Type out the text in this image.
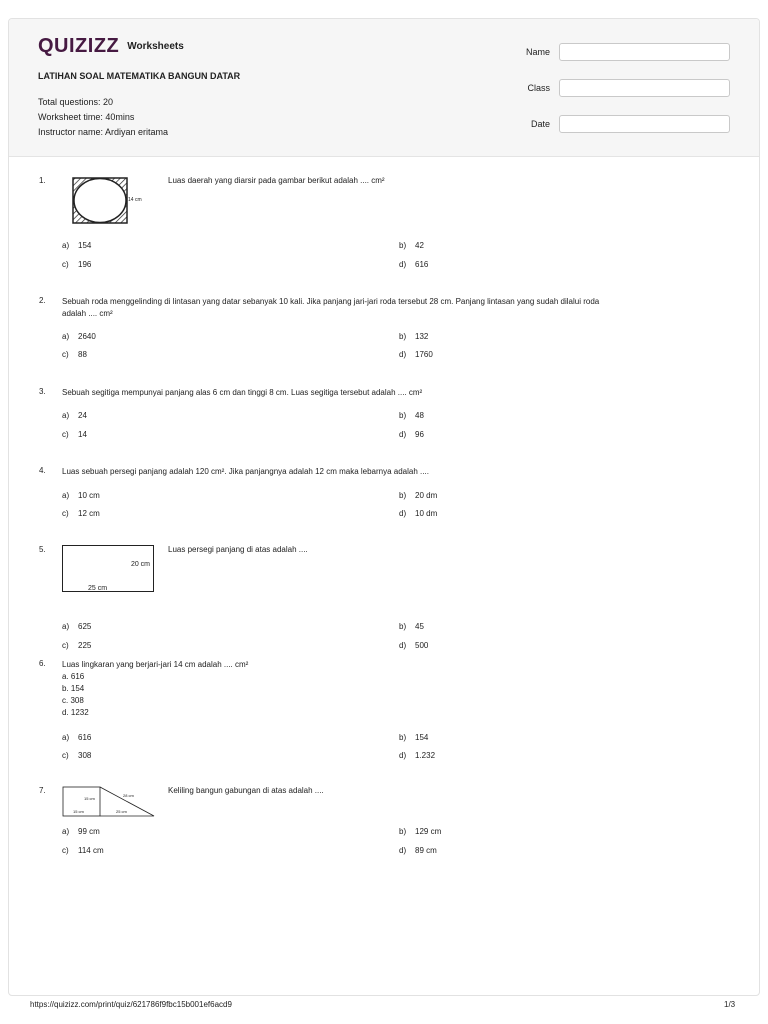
QUIZIZZ Worksheets
LATIHAN SOAL MATEMATIKA BANGUN DATAR
Total questions: 20
Worksheet time: 40mins
Instructor name: Ardiyan eritama
Name
Class
Date
1.
14 cm
Luas daerah yang diarsir pada gambar berikut adalah .... cm²
a)	154	b)	42
c)	196	d)	616
2. Sebuah roda menggelinding di lintasan yang datar sebanyak 10 kali. Jika panjang jari-jari roda tersebut 28 cm. Panjang lintasan yang sudah dilalui roda
adalah .... cm²
a)	2640	b)	132
c)	88	d)	1760
3. Sebuah segitiga mempunyai panjang alas 6 cm dan tinggi 8 cm. Luas segitiga tersebut adalah .... cm²
a)	24	b)	48
c)	14	d)	96
4. Luas sebuah persegi panjang adalah 120 cm². Jika panjangnya adalah 12 cm maka lebarnya adalah ....
a)	10 cm	b)	20 dm
c)	12 cm	d)	10 dm
5.
20 cm
25 cm
Luas persegi panjang di atas adalah ....
a)	625	b)	45
c)	225	d)	500
6. Luas lingkaran yang berjari-jari 14 cm adalah .... cm²
a. 616
b. 154
c. 308
d. 1232
a)	616	b)	154
c)	308	d)	1.232
7.
15 cm
28 cm
15 cm	25 cm
Keliling bangun gabungan di atas adalah ....
a)	99 cm	b)	129 cm
c)	114 cm	d)	89 cm
https://quizizz.com/print/quiz/621786f9fbc15b001ef6acd9	1/3
